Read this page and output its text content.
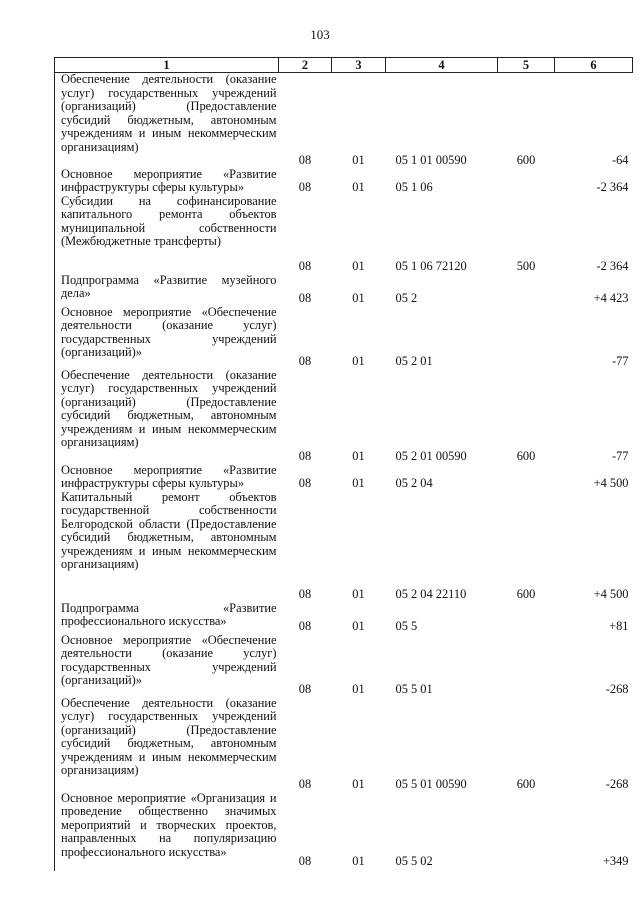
103
1	2	3	4	5	6
Обеспечение деятельности (оказание услуг) государственных учреждений (организаций) (Предоставление субсидий бюджетным, автономным учреждениям и иным некоммерческим организациям)	08	01	05 1 01 00590	600	-64
Основное мероприятие «Развитие инфраструктуры сферы культуры»	08	01	05 1 06		-2 364
Субсидии на софинансирование капитального ремонта объектов муниципальной собственности (Межбюджетные трансферты)	08	01	05 1 06 72120	500	-2 364
Подпрограмма «Развитие музейного дела»	08	01	05 2		+4 423
Основное мероприятие «Обеспечение деятельности (оказание услуг) государственных учреждений (организаций)»	08	01	05 2 01		-77
Обеспечение деятельности (оказание услуг) государственных учреждений (организаций) (Предоставление субсидий бюджетным, автономным учреждениям и иным некоммерческим организациям)	08	01	05 2 01 00590	600	-77
Основное мероприятие «Развитие инфраструктуры сферы культуры»	08	01	05 2 04		+4 500
Капитальный ремонт объектов государственной собственности Белгородской области (Предоставление субсидий бюджетным, автономным учреждениям и иным некоммерческим организациям)	08	01	05 2 04 22110	600	+4 500
Подпрограмма «Развитие профессионального искусства»	08	01	05 5		+81
Основное мероприятие «Обеспечение деятельности (оказание услуг) государственных учреждений (организаций)»	08	01	05 5 01		-268
Обеспечение деятельности (оказание услуг) государственных учреждений (организаций) (Предоставление субсидий бюджетным, автономным учреждениям и иным некоммерческим организациям)	08	01	05 5 01 00590	600	-268
Основное мероприятие «Организация и проведение общественно значимых мероприятий и творческих проектов, направленных на популяризацию профессионального искусства»	08	01	05 5 02		+349
